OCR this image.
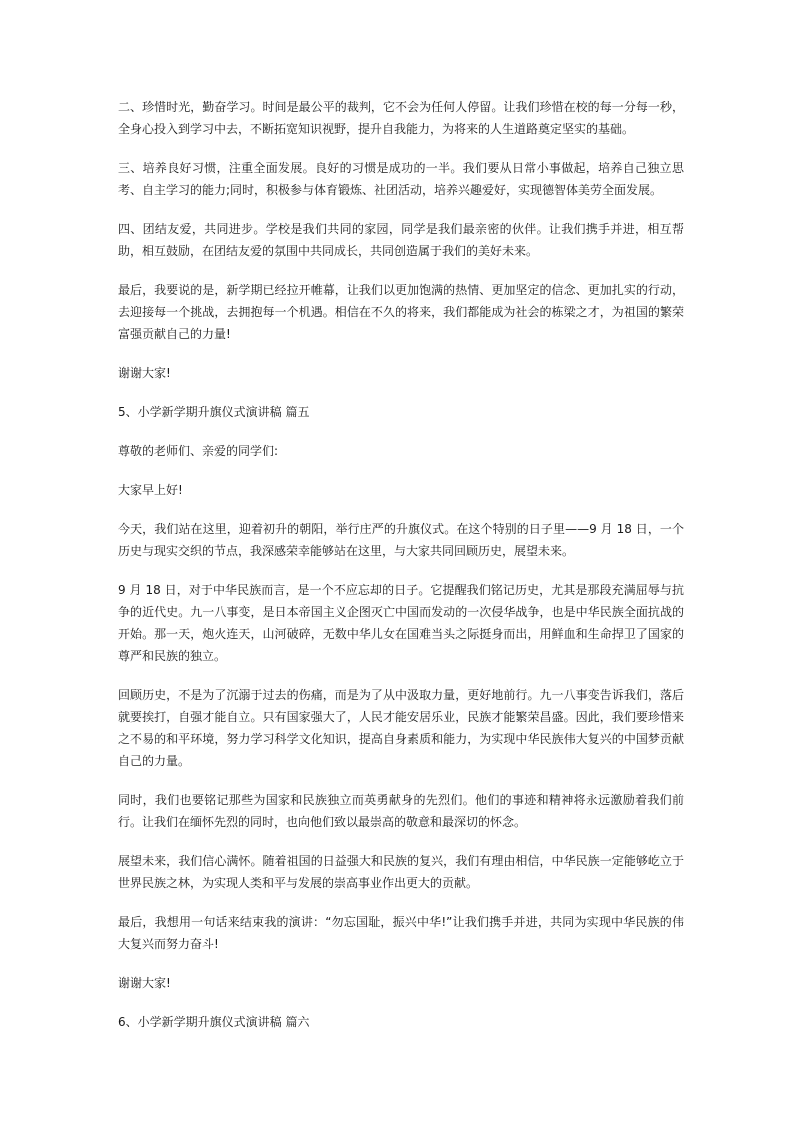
二、珍惜时光，勤奋学习。时间是最公平的裁判，它不会为任何人停留。让我们珍惜在校的每一分每一秒，全身心投入到学习中去，不断拓宽知识视野，提升自我能力，为将来的人生道路奠定坚实的基础。

三、培养良好习惯，注重全面发展。良好的习惯是成功的一半。我们要从日常小事做起，培养自己独立思考、自主学习的能力;同时，积极参与体育锻炼、社团活动，培养兴趣爱好，实现德智体美劳全面发展。

四、团结友爱，共同进步。学校是我们共同的家园，同学是我们最亲密的伙伴。让我们携手并进，相互帮助，相互鼓励，在团结友爱的氛围中共同成长，共同创造属于我们的美好未来。

最后，我要说的是，新学期已经拉开帷幕，让我们以更加饱满的热情、更加坚定的信念、更加扎实的行动，去迎接每一个挑战，去拥抱每一个机遇。相信在不久的将来，我们都能成为社会的栋梁之才，为祖国的繁荣富强贡献自己的力量!

谢谢大家!

5、小学新学期升旗仪式演讲稿 篇五

尊敬的老师们、亲爱的同学们:

大家早上好!

今天，我们站在这里，迎着初升的朝阳，举行庄严的升旗仪式。在这个特别的日子里——9 月 18 日，一个历史与现实交织的节点，我深感荣幸能够站在这里，与大家共同回顾历史，展望未来。

9 月 18 日，对于中华民族而言，是一个不应忘却的日子。它提醒我们铭记历史，尤其是那段充满屈辱与抗争的近代史。九一八事变，是日本帝国主义企图灭亡中国而发动的一次侵华战争，也是中华民族全面抗战的开始。那一天，炮火连天，山河破碎，无数中华儿女在国难当头之际挺身而出，用鲜血和生命捍卫了国家的尊严和民族的独立。

回顾历史，不是为了沉溺于过去的伤痛，而是为了从中汲取力量，更好地前行。九一八事变告诉我们，落后就要挨打，自强才能自立。只有国家强大了，人民才能安居乐业，民族才能繁荣昌盛。因此，我们要珍惜来之不易的和平环境，努力学习科学文化知识，提高自身素质和能力，为实现中华民族伟大复兴的中国梦贡献自己的力量。

同时，我们也要铭记那些为国家和民族独立而英勇献身的先烈们。他们的事迹和精神将永远激励着我们前行。让我们在缅怀先烈的同时，也向他们致以最崇高的敬意和最深切的怀念。

展望未来，我们信心满怀。随着祖国的日益强大和民族的复兴，我们有理由相信，中华民族一定能够屹立于世界民族之林，为实现人类和平与发展的崇高事业作出更大的贡献。

最后，我想用一句话来结束我的演讲：“勿忘国耻，振兴中华!”让我们携手并进，共同为实现中华民族的伟大复兴而努力奋斗!

谢谢大家!

6、小学新学期升旗仪式演讲稿 篇六
